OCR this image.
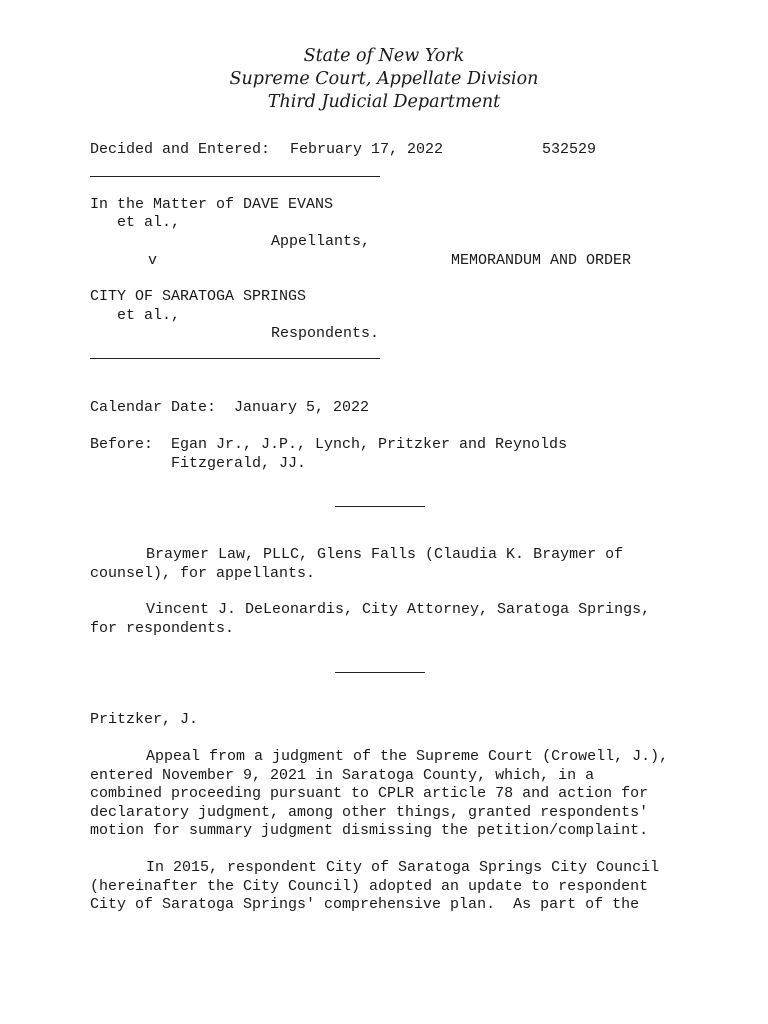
State of New York
Supreme Court, Appellate Division
Third Judicial Department
Decided and Entered: February 17, 2022	532529
In the Matter of DAVE EVANS
et al.,
Appellants,
v	MEMORANDUM AND ORDER
CITY OF SARATOGA SPRINGS
et al.,
Respondents.
Calendar Date: January 5, 2022
Before: Egan Jr., J.P., Lynch, Pritzker and Reynolds
Fitzgerald, JJ.
Braymer Law, PLLC, Glens Falls (Claudia K. Braymer of
counsel), for appellants.
Vincent J. DeLeonardis, City Attorney, Saratoga Springs,
for respondents.
Pritzker, J.
Appeal from a judgment of the Supreme Court (Crowell, J.),
entered November 9, 2021 in Saratoga County, which, in a
combined proceeding pursuant to CPLR article 78 and action for
declaratory judgment, among other things, granted respondents'
motion for summary judgment dismissing the petition/complaint.
In 2015, respondent City of Saratoga Springs City Council
(hereinafter the City Council) adopted an update to respondent
City of Saratoga Springs' comprehensive plan.  As part of the
